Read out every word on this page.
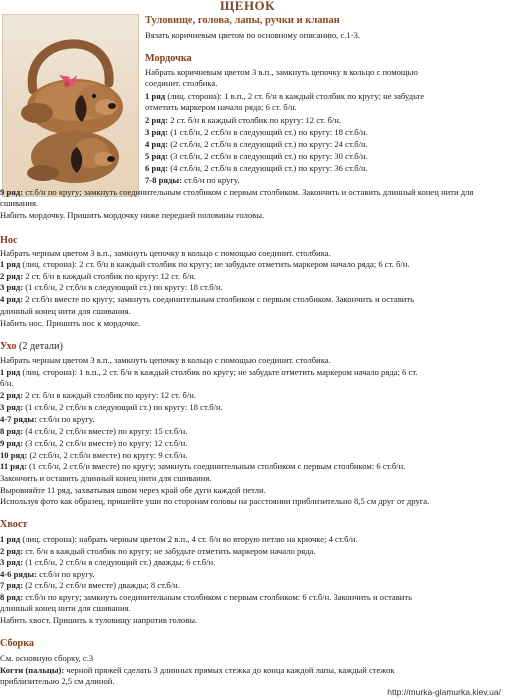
ЩЕНОК
Туловище, голова, лапы, ручки и клапан
Вязать коричневым цветом по основному описанию, с.1-3.
Мордочка
Набрать коричневым цветом 3 в.п., замкнуть цепочку в кольцо с помощью
соединит. столбика.
1 ряд (лиц. сторона): 1 в.п., 2 ст. б/н в каждый столбик по кругу; не забудьте
отметить маркером начало ряда; 6 ст. б/н.
2 ряд: 2 ст. б/н в каждый столбик по кругу: 12 ст. б/н.
3 ряд: (1 ст.б/н, 2 ст.б/н в следующий ст.) по кругу: 18 ст.б/н.
4 ряд: (2 ст.б/н, 2 ст.б/н в следующий ст.) по кругу: 24 ст.б/н.
5 ряд: (3 ст.б/н, 2 ст.б/н в следующий ст.) по кругу: 30 ст.б/н.
6 ряд: (4 ст.б/н, 2 ст.б/н в следующий ст.) по кругу: 36 ст.б/н.
7-8 ряды: ст.б/н по кругу.
9 ряд: ст.б/н по кругу; замкнуть соединительным столбиком с первым столбиком. Закончить и оставить длинный конец нити для сшивания.
Набить мордочку. Пришить мордочку ниже передней половины головы.
Нос
Набрать черным цветом 3 в.п., замкнуть цепочку в кольцо с помощью соединит. столбика.
1 ряд (лиц. сторона): 2 ст. б/н в каждый столбик по кругу; не забудьте отметить маркером начало ряда; 6 ст. б/н.
2 ряд: 2 ст. б/н в каждый столбик по кругу: 12 ст. б/н.
3 ряд: (1 ст.б/н, 2 ст.б/н в следующий ст.) по кругу: 18 ст.б/н.
4 ряд: 2 ст.б/н вместе по кругу; замкнуть соединительным столбиком с первым столбиком. Закончить и оставить
длинный конец нити для сшивания.
Набить нос. Пришить нос к мордочке.
Ухо (2 детали)
Набрать черным цветом 3 в.п., замкнуть цепочку в кольцо с помощью соединит. столбика.
1 ряд (лиц. сторона): 1 в.п., 2 ст. б/н в каждый столбик по кругу; не забудьте отметить маркером начало ряда; 6 ст.
б/н.
2 ряд: 2 ст. б/н в каждый столбик по кругу: 12 ст. б/н.
3 ряд: (1 ст.б/н, 2 ст.б/н в следующий ст.) по кругу: 18 ст.б/н.
4-7 ряды: ст.б/н по кругу.
8 ряд: (4 ст.б/н, 2 ст.б/н вместе) по кругу: 15 ст.б/н.
9 ряд: (3 ст.б/н, 2 ст.б/н вместе) по кругу: 12 ст.б/н.
10 ряд: (2 ст.б/н, 2 ст.б/н вместе) по кругу: 9 ст.б/н.
11 ряд: (1 ст.б/н, 2 ст.б/н вместе) по кругу; замкнуть соединительным столбиком с первым столбиком: 6 ст.б/н.
Закончить и оставить длинный конец нити для сшивания.
Выровняйте 11 ряд, захватывая швом через край обе дуги каждой петли.
Используя фото как образец, пришейте уши по сторонам головы на расстоянии приблизительно 8,5 см друг от друга.
Хвост
1 ряд (лиц. сторона): набрать черным цветом 2 в.п., 4 ст. б/н во вторую петлю на крючке; 4 ст.б/н.
2 ряд: ст. б/н в каждый столбик по кругу; не забудьте отметить маркером начало ряда.
3 ряд: (1 ст.б/н, 2 ст.б/н в следующий ст.) дважды; 6 ст.б/н.
4-6 ряды: ст.б/н по кругу.
7 ряд: (2 ст.б/н, 2 ст.б/н вместе) дважды; 8 ст.б/н.
8 ряд: ст.б/н по кругу; замкнуть соединительным столбиком с первым столбиком: 6 ст.б/н. Закончить и оставить
длинный конец нити для сшивания.
Набить хвост. Пришить к туловищу напротив головы.
Сборка
См. основную сборку, с.3
Когти (пальцы): черной пряжей сделать 3 длинных прямых стежка до конца каждой лапы, каждый стежок
приблизительно 2,5 см длиной.
http://murka-glamurka.kiev.ua/
